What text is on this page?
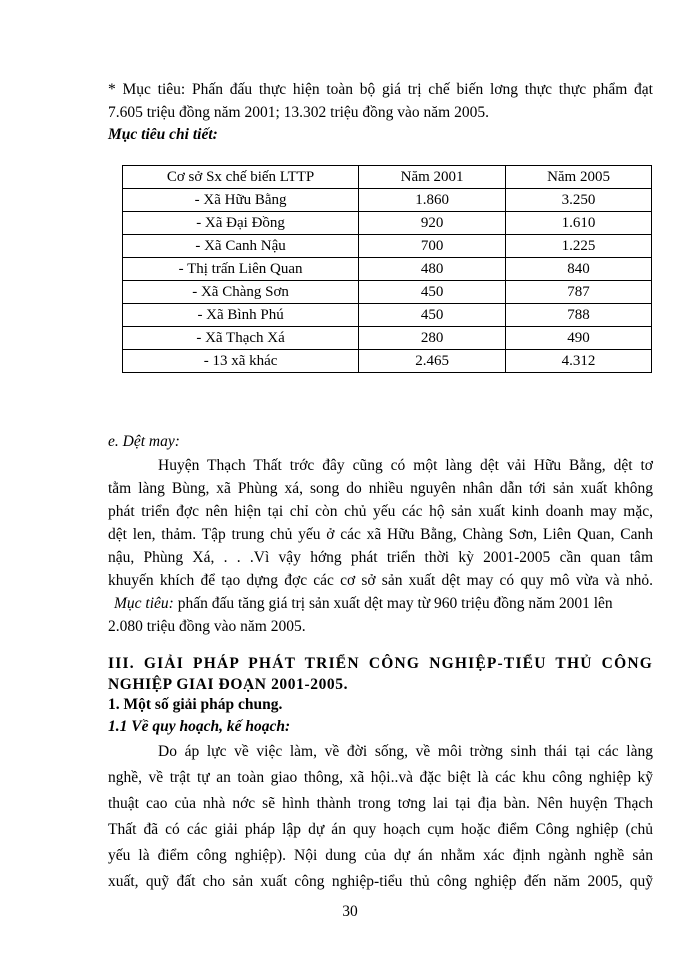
* Mục tiêu: Phấn đấu thực hiện toàn bộ giá trị chế biến lơng thực thực phẩm đạt
7.605 triệu đồng năm 2001; 13.302 triệu đồng vào năm 2005.
Mục tiêu chi tiết:
Cơ sở Sx chế biến LTTP	Năm 2001	Năm 2005
- Xã Hữu Bằng	1.860	3.250
- Xã Đại Đồng	920	1.610
- Xã Canh Nậu	700	1.225
- Thị trấn Liên Quan	480	840
- Xã Chàng Sơn	450	787
- Xã Bình Phú	450	788
- Xã Thạch Xá	280	490
- 13 xã khác	2.465	4.312
e. Dệt may:
Huyện Thạch Thất trớc đây cũng có một làng dệt vải Hữu Bằng, dệt tơ
tằm làng Bùng, xã Phùng xá, song do nhiều nguyên nhân dẫn tới sản xuất không
phát triển đợc nên hiện tại chỉ còn chủ yếu các hộ sản xuất kinh doanh may mặc,
dệt len, thảm. Tập trung chủ yếu ở các xã Hữu Bằng, Chàng Sơn, Liên Quan, Canh
nậu, Phùng Xá, . . .Vì vậy hớng phát triển thời kỳ 2001-2005 cần quan tâm
khuyến khích để tạo dựng đợc các cơ sở sản xuất dệt may có quy mô vừa và nhỏ.
Mục tiêu: phấn đấu tăng giá trị sản xuất dệt may từ 960 triệu đồng năm 2001 lên
2.080 triệu đồng vào năm 2005.
III. GIẢI PHÁP PHÁT TRIỂN CÔNG NGHIỆP-TIỂU THỦ CÔNG
NGHIỆP GIAI ĐOẠN 2001-2005.
1. Một số giải pháp chung.
1.1 Về quy hoạch, kế hoạch:
Do áp lực về việc làm, về đời sống, về môi trờng sinh thái tại các làng
nghề, về trật tự an toàn giao thông, xã hội..và đặc biệt là các khu công nghiệp kỹ
thuật cao của nhà nớc sẽ hình thành trong tơng lai tại địa bàn. Nên huyện Thạch
Thất đã có các giải pháp lập dự án quy hoạch cụm hoặc điểm Công nghiệp (chủ
yếu là điểm công nghiệp). Nội dung của dự án nhằm xác định ngành nghề sản
xuất, quỹ đất cho sản xuất công nghiệp-tiểu thủ công nghiệp đến năm 2005, quỹ
30
